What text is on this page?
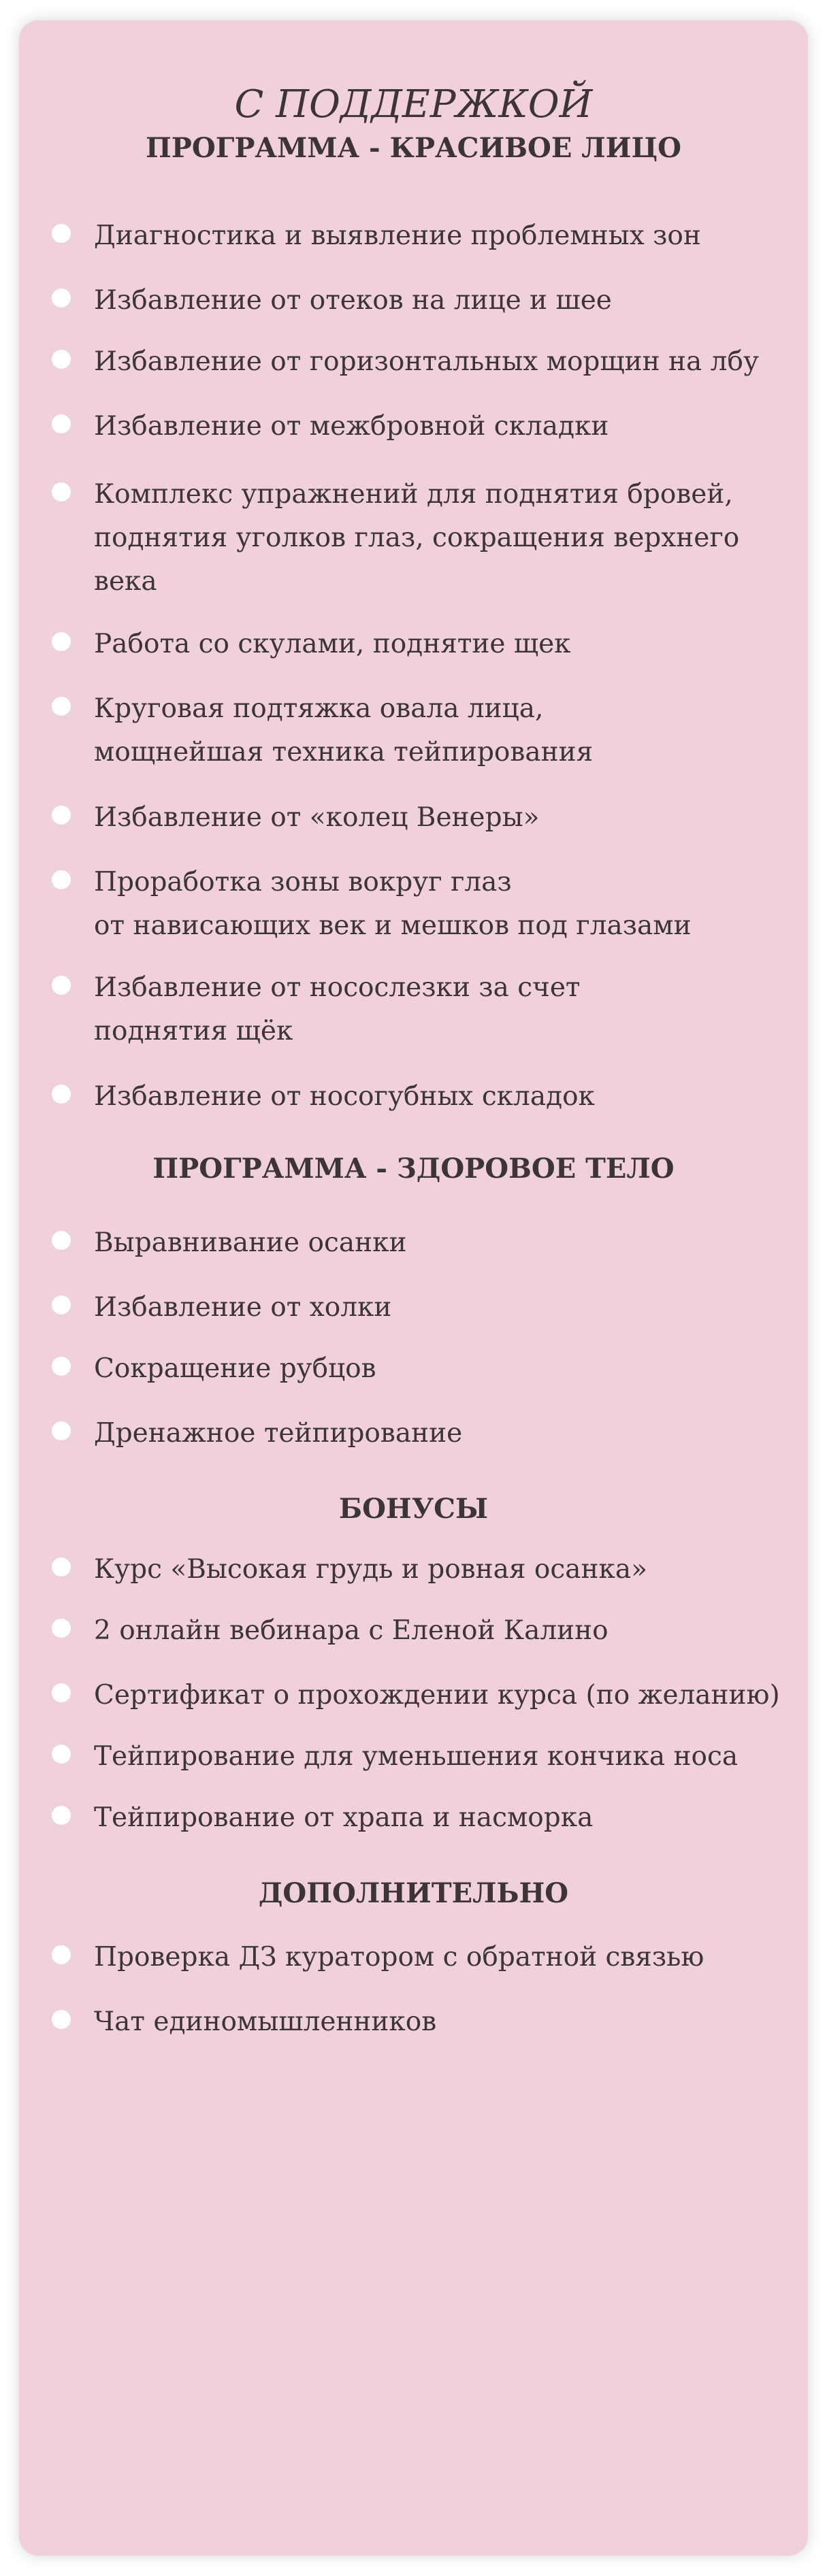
С ПОДДЕРЖКОЙ
ПРОГРАММА - КРАСИВОЕ ЛИЦО
Диагностика и выявление проблемных зон
Избавление от отеков на лице и шее
Избавление от горизонтальных морщин на лбу
Избавление от межбровной складки
Комплекс упражнений для поднятия бровей,
поднятия уголков глаз, сокращения верхнего века
Работа со скулами, поднятие щек
Круговая подтяжка овала лица,
мощнейшая техника тейпирования
Избавление от «колец Венеры»
Проработка зоны вокруг глаз
от нависающих век и мешков под глазами
Избавление от носослезки за счет
поднятия щёк
Избавление от носогубных складок
ПРОГРАММА - ЗДОРОВОЕ ТЕЛО
Выравнивание осанки
Избавление от холки
Сокращение рубцов
Дренажное тейпирование
БОНУСЫ
Курс «Высокая грудь и ровная осанка»
2 онлайн вебинара с Еленой Калино
Сертификат о прохождении курса (по желанию)
Тейпирование для уменьшения кончика носа
Тейпирование от храпа и насморка
ДОПОЛНИТЕЛЬНО
Проверка ДЗ куратором с обратной связью
Чат единомышленников
